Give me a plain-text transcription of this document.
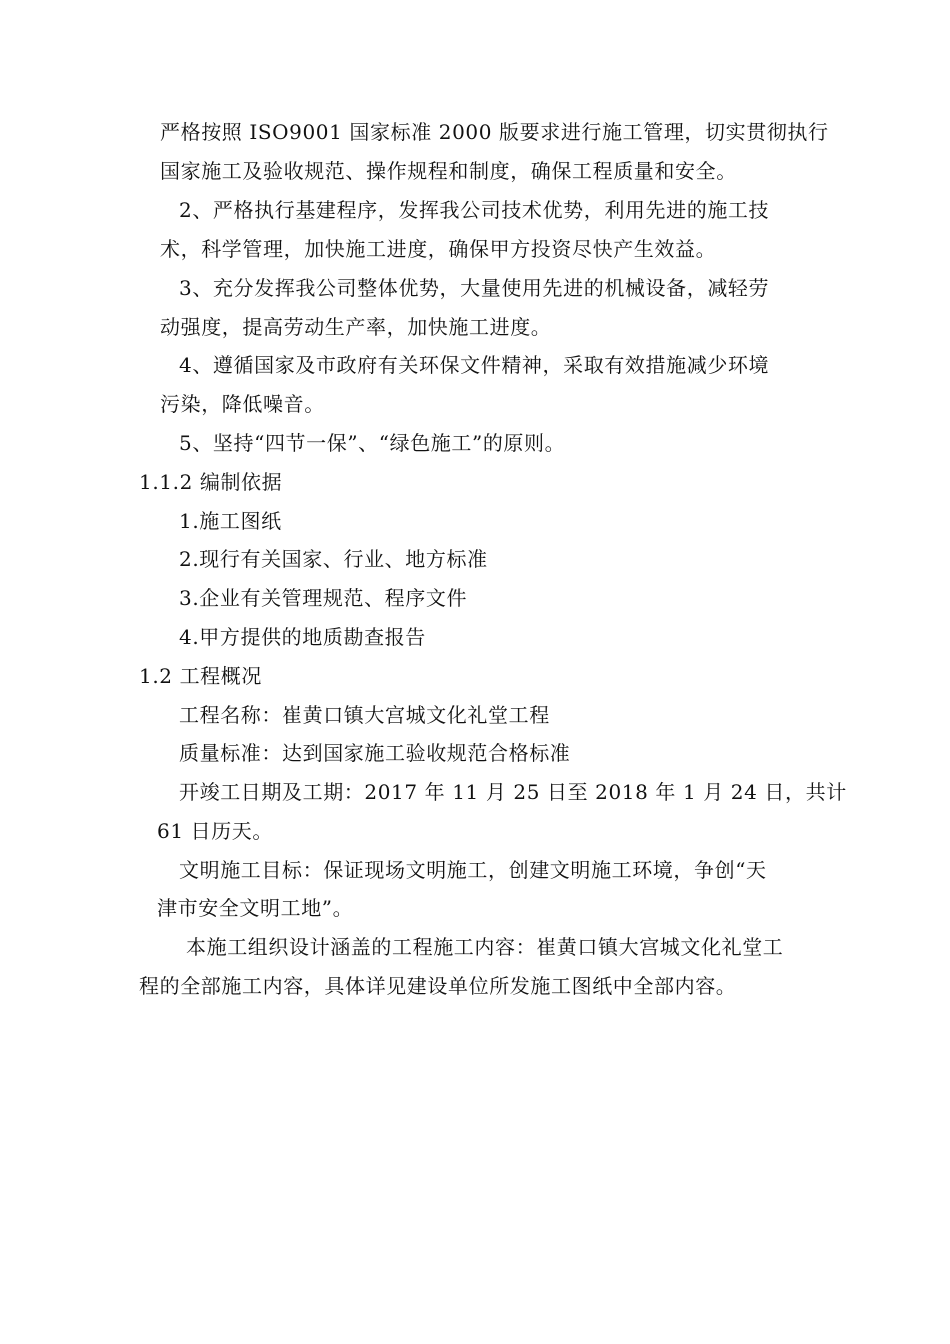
严格按照 ISO9001 国家标准 2000 版要求进行施工管理，切实贯彻执行
国家施工及验收规范、操作规程和制度，确保工程质量和安全。
2、严格执行基建程序，发挥我公司技术优势，利用先进的施工技
术，科学管理，加快施工进度，确保甲方投资尽快产生效益。
3、充分发挥我公司整体优势，大量使用先进的机械设备，减轻劳
动强度，提高劳动生产率，加快施工进度。
4、遵循国家及市政府有关环保文件精神，采取有效措施减少环境
污染，降低噪音。
5、坚持“四节一保”、“绿色施工”的原则。
1.1.2 编制依据
1.施工图纸
2.现行有关国家、行业、地方标准
3.企业有关管理规范、程序文件
4.甲方提供的地质勘查报告
1.2 工程概况
工程名称：崔黄口镇大宫城文化礼堂工程
质量标准：达到国家施工验收规范合格标准
开竣工日期及工期：2017 年 11 月 25 日至 2018 年 1 月 24 日，共计
61 日历天。
文明施工目标：保证现场文明施工，创建文明施工环境，争创“天
津市安全文明工地”。
本施工组织设计涵盖的工程施工内容：崔黄口镇大宫城文化礼堂工
程的全部施工内容，具体详见建设单位所发施工图纸中全部内容。
